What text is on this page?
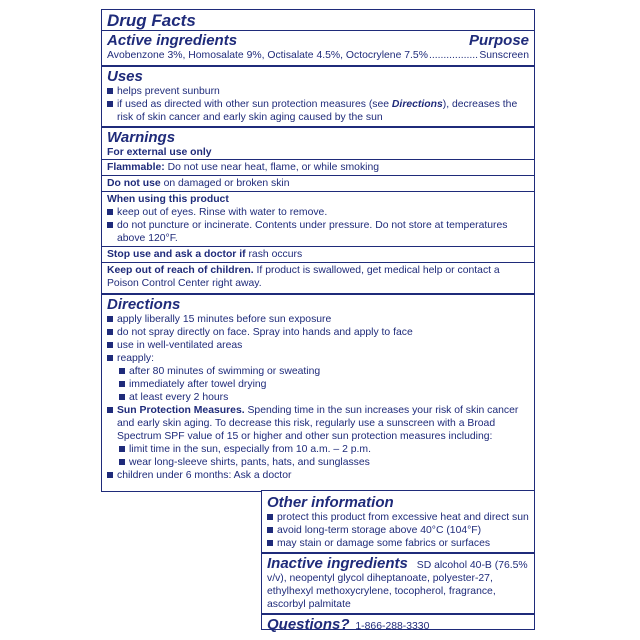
Drug Facts
Active ingredients	Purpose
Avobenzone 3%, Homosalate 9%, Octisalate 4.5%, Octocrylene 7.5%
.....	Sunscreen
Uses
helps prevent sunburn
if used as directed with other sun protection measures (see Directions), decreases the risk of skin cancer and early skin aging caused by the sun
Warnings
For external use only
Flammable: Do not use near heat, flame, or while smoking
Do not use on damaged or broken skin
When using this product
keep out of eyes. Rinse with water to remove.
do not puncture or incinerate. Contents under pressure. Do not store at temperatures above 120°F.
Stop use and ask a doctor if rash occurs
Keep out of reach of children. If product is swallowed, get medical help or contact a Poison Control Center right away.
Directions
apply liberally 15 minutes before sun exposure
do not spray directly on face. Spray into hands and apply to face
use in well-ventilated areas
reapply:
after 80 minutes of swimming or sweating
immediately after towel drying
at least every 2 hours
Sun Protection Measures. Spending time in the sun increases your risk of skin cancer and early skin aging. To decrease this risk, regularly use a sunscreen with a Broad Spectrum SPF value of 15 or higher and other sun protection measures including:
limit time in the sun, especially from 10 a.m. – 2 p.m.
wear long-sleeve shirts, pants, hats, and sunglasses
children under 6 months: Ask a doctor
Other information
protect this product from excessive heat and direct sun
avoid long-term storage above 40°C (104°F)
may stain or damage some fabrics or surfaces
Inactive ingredients SD alcohol 40-B (76.5% v/v), neopentyl glycol diheptanoate, polyester-27, ethylhexyl methoxycrylene, tocopherol, fragrance, ascorbyl palmitate
Questions? 1-866-288-3330
